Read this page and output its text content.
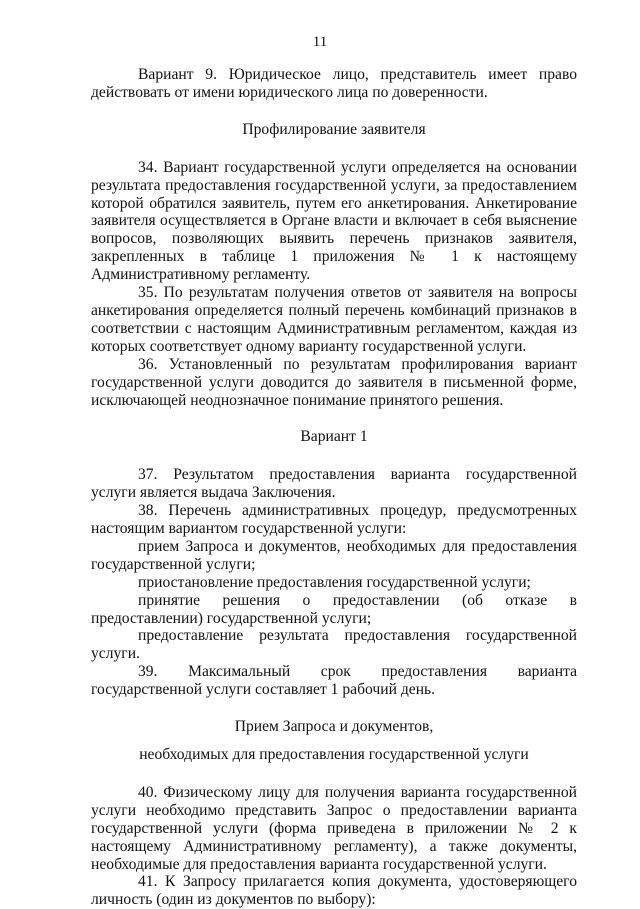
11

Вариант 9. Юридическое лицо, представитель имеет право действовать от имени юридического лица по доверенности.

Профилирование заявителя

34. Вариант государственной услуги определяется на основании результата предоставления государственной услуги, за предоставлением которой обратился заявитель, путем его анкетирования. Анкетирование заявителя осуществляется в Органе власти и включает в себя выяснение вопросов, позволяющих выявить перечень признаков заявителя, закрепленных в таблице 1 приложения № 1 к настоящему Административному регламенту.

35. По результатам получения ответов от заявителя на вопросы анкетирования определяется полный перечень комбинаций признаков в соответствии с настоящим Административным регламентом, каждая из которых соответствует одному варианту государственной услуги.

36. Установленный по результатам профилирования вариант государственной услуги доводится до заявителя в письменной форме, исключающей неоднозначное понимание принятого решения.

Вариант 1

37. Результатом предоставления варианта государственной услуги является выдача Заключения.

38. Перечень административных процедур, предусмотренных настоящим вариантом государственной услуги:

прием Запроса и документов, необходимых для предоставления государственной услуги;

приостановление предоставления государственной услуги;

принятие решения о предоставлении (об отказе в предоставлении) государственной услуги;

предоставление результата предоставления государственной услуги.

39. Максимальный срок предоставления варианта государственной услуги составляет 1 рабочий день.

Прием Запроса и документов,

необходимых для предоставления государственной услуги

40. Физическому лицу для получения варианта государственной услуги необходимо представить Запрос о предоставлении варианта государственной услуги (форма приведена в приложении № 2 к настоящему Административному регламенту), а также документы, необходимые для предоставления варианта государственной услуги.

41. К Запросу прилагается копия документа, удостоверяющего личность (один из документов по выбору):
